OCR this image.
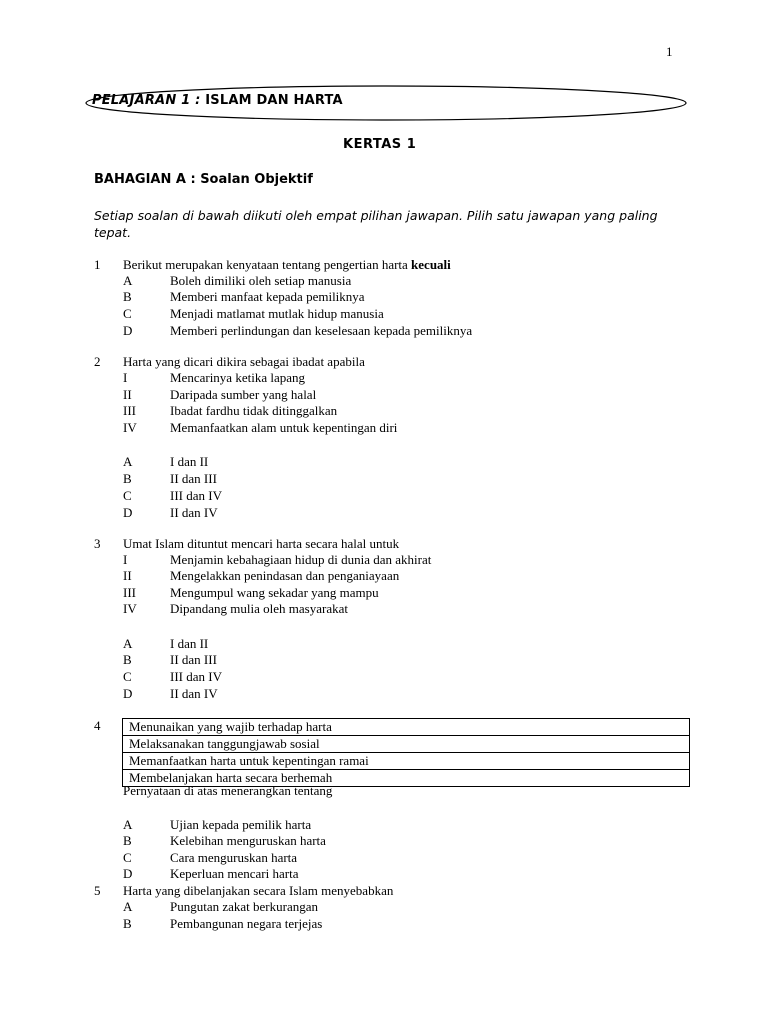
1
PELAJARAN 1 : ISLAM DAN HARTA
KERTAS 1
BAHAGIAN A : Soalan Objektif
Setiap soalan di bawah diikuti oleh empat pilihan jawapan. Pilih satu jawapan yang paling tepat.
1 Berikut merupakan kenyataan tentang pengertian harta kecuali
A	Boleh dimiliki oleh setiap manusia
B	Memberi manfaat kepada pemiliknya
C	Menjadi matlamat mutlak hidup manusia
D	Memberi perlindungan dan keselesaan kepada pemiliknya
2 Harta yang dicari dikira sebagai ibadat apabila
I	Mencarinya ketika lapang
II	Daripada sumber yang halal
III	Ibadat fardhu tidak ditinggalkan
IV	Memanfaatkan alam untuk kepentingan diri
A	I dan II
B	II dan III
C	III dan IV
D	II dan IV
3 Umat Islam dituntut mencari harta secara halal untuk
I	Menjamin kebahagiaan hidup di dunia dan akhirat
II	Mengelakkan penindasan dan penganiayaan
III	Mengumpul wang sekadar yang mampu
IV	Dipandang mulia oleh masyarakat
A	I dan II
B	II dan III
C	III dan IV
D	II dan IV
4	Menunaikan yang wajib terhadap harta
Melaksanakan tanggungjawab sosial
Memanfaatkan harta untuk kepentingan ramai
Membelanjakan harta secara berhemah
Pernyataan di atas menerangkan tentang
A	Ujian kepada pemilik harta
B	Kelebihan menguruskan harta
C	Cara menguruskan harta
D	Keperluan mencari harta
5 Harta yang dibelanjakan secara Islam menyebabkan
A	Pungutan zakat berkurangan
B	Pembangunan negara terjejas
